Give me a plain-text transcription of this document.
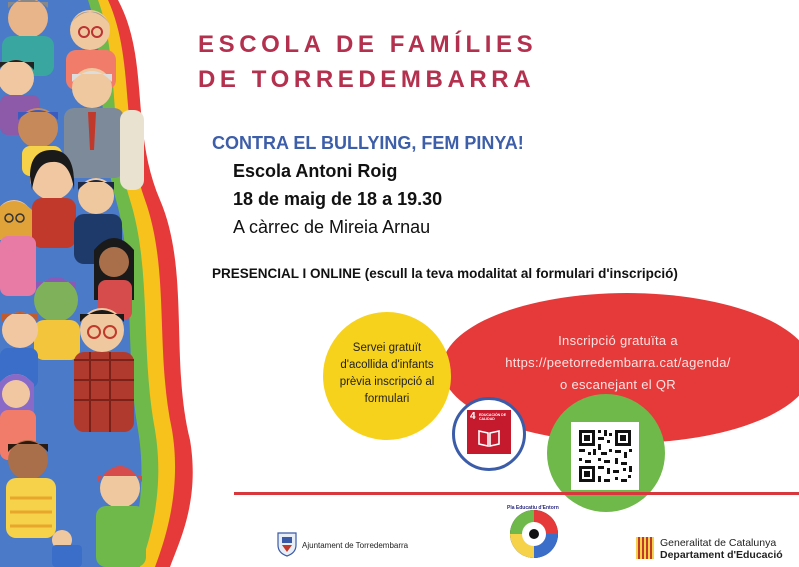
ESCOLA DE FAMÍLIES
DE TORREDEMBARRA
CONTRA EL BULLYING, FEM PINYA!
Escola Antoni Roig
18 de maig de 18 a 19.30
A càrrec de Mireia Arnau
PRESENCIAL I ONLINE (escull la teva modalitat al formulari d'inscripció)
Inscripció gratuïta a
https://peetorredembarra.cat/agenda/
o escanejant el QR
Servei gratuït
d'acollida d'infants
prèvia inscripció al
formulari
4 EDUCACIÓN DE CALIDAD
Ajuntament de Torredembarra
Pla Educatiu d'Entorn
Generalitat de Catalunya
Departament d'Educació
